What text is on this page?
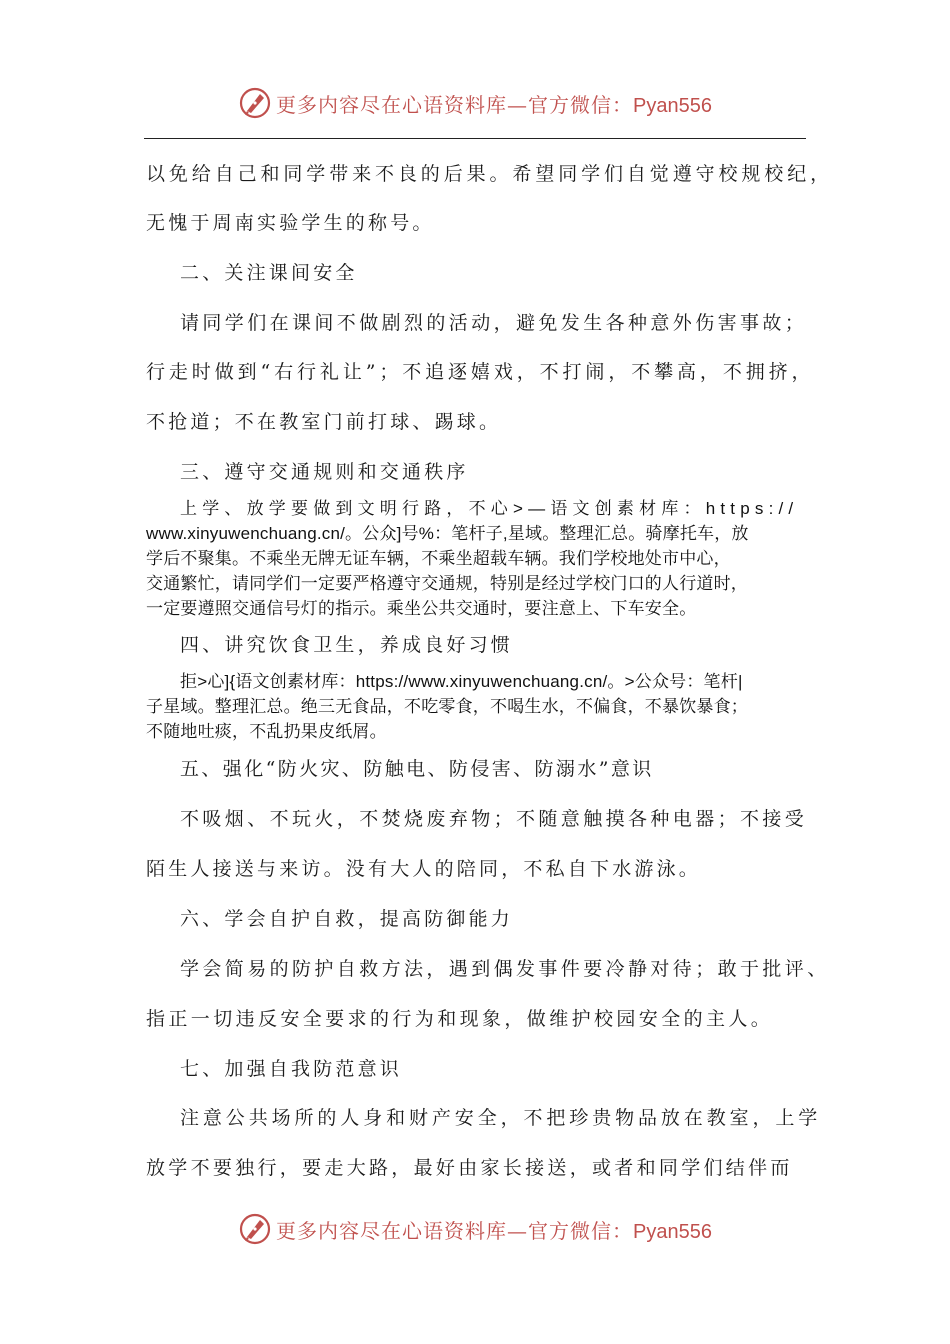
更多内容尽在心语资料库—官方微信：Pyan556
以免给自己和同学带来不良的后果。希望同学们自觉遵守校规校纪，
无愧于周南实验学生的称号。
二、关注课间安全
请同学们在课间不做剧烈的活动，避免发生各种意外伤害事故；
行走时做到“右行礼让”；不追逐嬉戏，不打闹，不攀高，不拥挤，
不抢道；不在教室门前打球、踢球。
三、遵守交通规则和交通秩序
上学、放学要做到文明行路，不心>—语文创素材库：https://
www.xinyuwenchuang.cn/。公众]号%：笔杆子,星域。整理汇总。骑摩托车，放
学后不聚集。不乘坐无牌无证车辆，不乘坐超载车辆。我们学校地处市中心，
交通繁忙，请同学们一定要严格遵守交通规，特别是经过学校门口的人行道时，
一定要遵照交通信号灯的指示。乘坐公共交通时，要注意上、下车安全。
四、讲究饮食卫生，养成良好习惯
拒>心]{语文创素材库：https://www.xinyuwenchuang.cn/。>公众号：笔杆|
子星域。整理汇总。绝三无食品，不吃零食，不喝生水，不偏食，不暴饮暴食；
不随地吐痰，不乱扔果皮纸屑。
五、强化“防火灾、防触电、防侵害、防溺水”意识
不吸烟、不玩火，不焚烧废弃物；不随意触摸各种电器；不接受
陌生人接送与来访。没有大人的陪同，不私自下水游泳。
六、学会自护自救，提高防御能力
学会简易的防护自救方法，遇到偶发事件要冷静对待；敢于批评、
指正一切违反安全要求的行为和现象，做维护校园安全的主人。
七、加强自我防范意识
注意公共场所的人身和财产安全，不把珍贵物品放在教室，上学
放学不要独行，要走大路，最好由家长接送，或者和同学们结伴而
更多内容尽在心语资料库—官方微信：Pyan556
